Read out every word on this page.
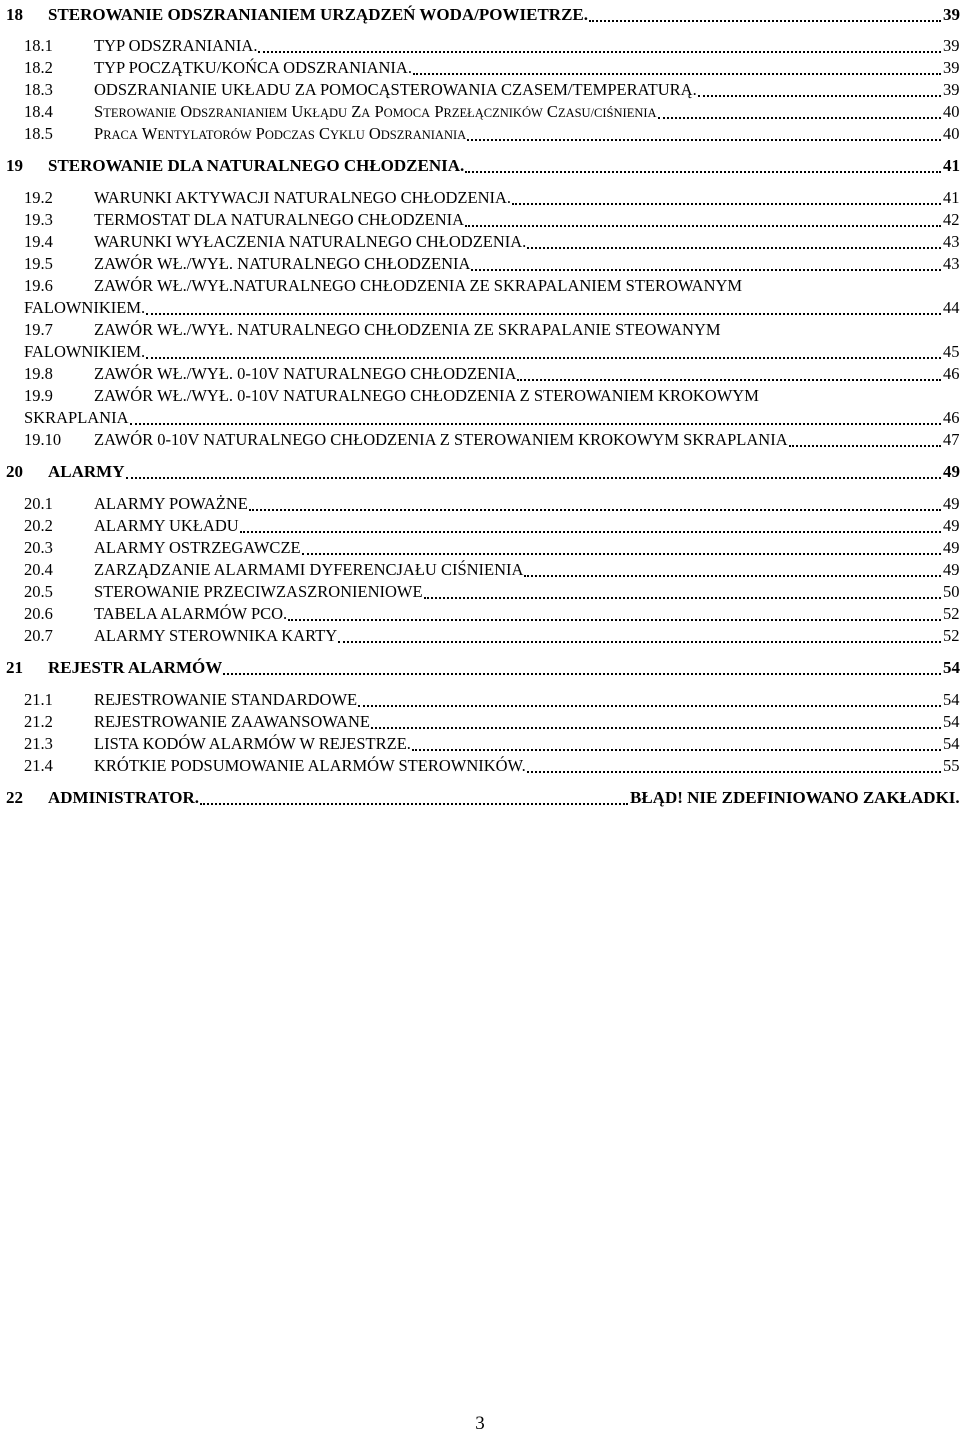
18 STEROWANIE ODSZRANIANIEM URZĄDZEŃ WODA/POWIETRZE.	39
18.1 TYP ODSZRANIANIA.	39
18.2 TYP POCZĄTKU/KOŃCA ODSZRANIANIA.	39
18.3 ODSZRANIANIE UKŁADU ZA POMOCĄSTEROWANIA CZASEM/TEMPERATURĄ.	39
18.4 STEROWANIE ODSZRANIANIEM UKŁĄDU ZA POMOCA PRZEŁĄCZNIKÓW CZASU/CIŚNIENIA	40
18.5 PRACA WENTYLATORÓW PODCZAS CYKLU ODSZRANIANIA	40
19 STEROWANIE DLA NATURALNEGO CHŁODZENIA.	41
19.2 WARUNKI AKTYWACJI NATURALNEGO CHŁODZENIA.	41
19.3 TERMOSTAT DLA NATURALNEGO CHŁODZENIA	42
19.4 WARUNKI WYŁACZENIA NATURALNEGO CHŁODZENIA.	43
19.5 ZAWÓR WŁ./WYŁ. NATURALNEGO CHŁODZENIA	43
19.6 ZAWÓR WŁ./WYŁ.NATURALNEGO CHŁODZENIA ZE SKRAPALANIEM STEROWANYM
FALOWNIKIEM.	44
19.7 ZAWÓR WŁ./WYŁ. NATURALNEGO CHŁODZENIA ZE SKRAPALANIE STEOWANYM
FALOWNIKIEM.	45
19.8 ZAWÓR WŁ./WYŁ. 0-10V NATURALNEGO CHŁODZENIA	46
19.9 ZAWÓR WŁ./WYŁ. 0-10V NATURALNEGO CHŁODZENIA Z STEROWANIEM KROKOWYM
SKRAPLANIA	46
19.10 ZAWÓR 0-10V NATURALNEGO CHŁODZENIA Z STEROWANIEM KROKOWYM SKRAPLANIA	47
20 ALARMY	49
20.1 ALARMY POWAŻNE	49
20.2 ALARMY UKŁADU	49
20.3 ALARMY OSTRZEGAWCZE	49
20.4 ZARZĄDZANIE ALARMAMI DYFERENCJAŁU CIŚNIENIA	49
20.5 STEROWANIE PRZECIWZASZRONIENIOWE	50
20.6 TABELA ALARMÓW PCO.	52
20.7 ALARMY STEROWNIKA KARTY	52
21 REJESTR ALARMÓW	54
21.1 REJESTROWANIE STANDARDOWE	54
21.2 REJESTROWANIE ZAAWANSOWANE	54
21.3 LISTA KODÓW ALARMÓW W REJESTRZE.	54
21.4 KRÓTKIE PODSUMOWANIE ALARMÓW STEROWNIKÓW.	55
22 ADMINISTRATOR.	BŁĄD! NIE ZDEFINIOWANO ZAKŁADKI.
3
